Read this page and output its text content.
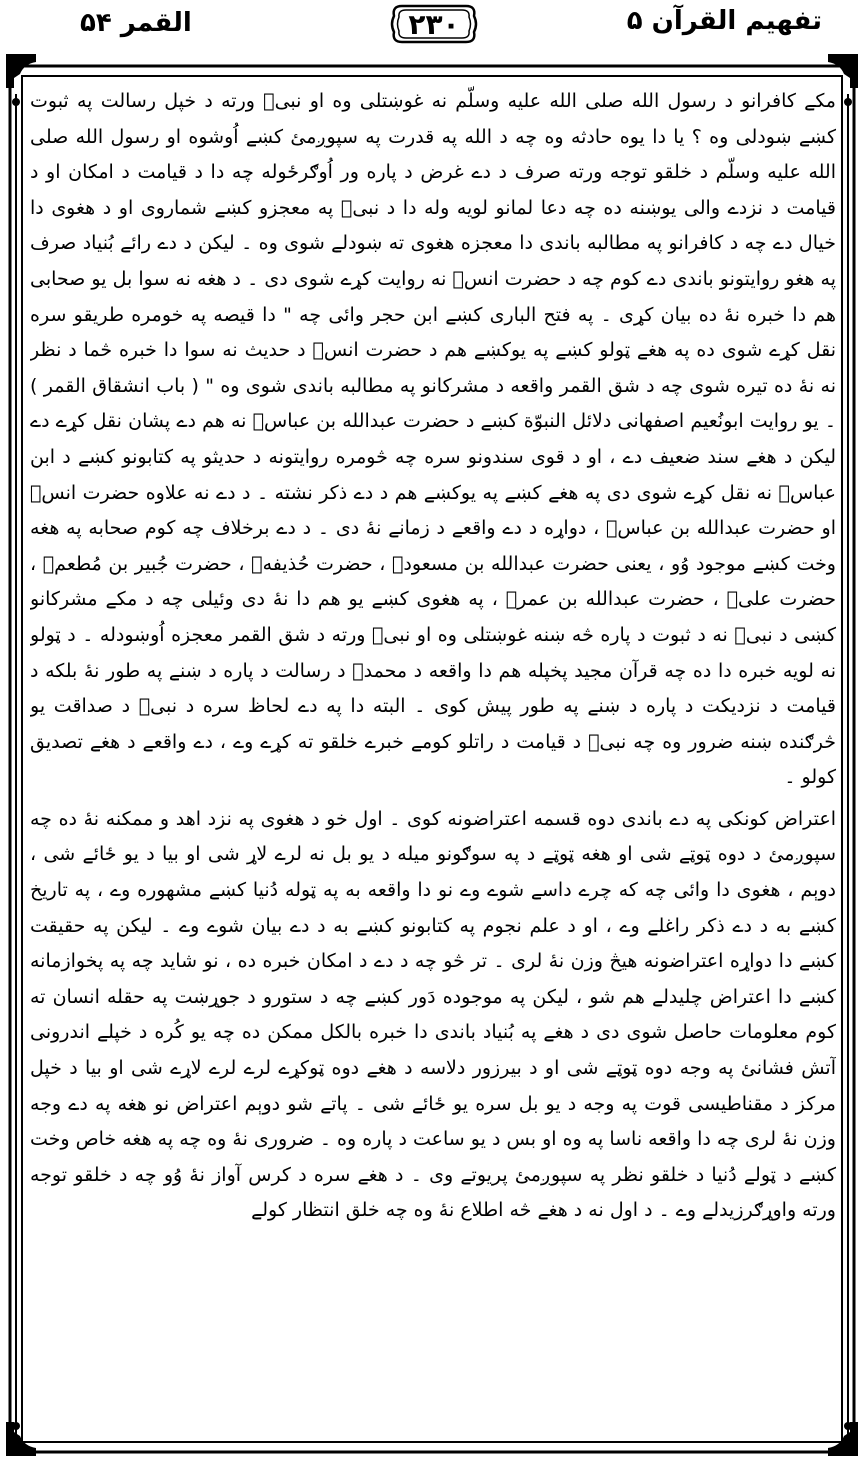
القمر ۵۴	۲۳۰	تفهیم القرآن ۵

مکے کافرانو د رسول الله صلی الله علیه وسلّم نه غوښتلی وه او نبیؐ ورته د خپل رسالت په ثبوت کښے ښودلی وه ؟ یا دا یوه حادثه وه چه د الله په قدرت په سپوږمئ کښے اُوشوه او رسول الله صلی الله علیه وسلّم د خلقو توجه ورته صرف د دے غرض د پاره ور اُوګرځوله چه دا د قیامت د امکان او د قیامت د نزدے والی یوښنه ده چه دعا لمانو لویه وله دا د نبیؐ په معجزو کښے شماروی او د هغوی دا خیال دے چه د کافرانو په مطالبه باندی دا معجزه هغوی ته ښودلے شوی وه ۔ لیکن د دے رائے بُنیاد صرف په هغو روایتونو باندی دے کوم چه د حضرت انسؓ نه روایت کړے شوی دی ۔ د هغه نه سوا بل یو صحابی هم دا خبره نهٔ ده بیان کړی ۔ په فتح الباری کښے ابن حجر وائی چه " دا قیصه په خومره طریقو سره نقل کړے شوی ده په هغے ټولو کښے په یوکښے هم د حضرت انسؓ د حدیث نه سوا دا خبره څما د نظر نه نهٔ ده تیره شوی چه د شق القمر واقعه د مشرکانو په مطالبه باندی شوی وه " ( باب انشقاق القمر ) ۔ یو روایت ابونُعیم اصفهانی دلائل النبوّة کښے د حضرت عبدالله بن عباسؓ نه هم دے پشان نقل کړے دے لیکن د هغے سند ضعیف دے ، او د قوی سندونو سره چه څومره روایتونه د حدیثو په کتابونو کښے د ابن عباسؓ نه نقل کړے شوی دی په هغے کښے په یوکښے هم د دے ذکر نشته ۔ د دے نه علاوه حضرت انسؓ او حضرت عبدالله بن عباسؓ ، دواړه د دے واقعے د زمانے نهٔ دی ۔ د دے برخلاف چه کوم صحابه په هغه وخت کښے موجود وُو ، یعنی حضرت عبدالله بن مسعودؓ ، حضرت حُذیفهؓ ، حضرت جُبیر بن مُطعمؓ ، حضرت علیؓ ، حضرت عبدالله بن عمرؓ ، په هغوی کښے یو هم دا نهٔ دی وئیلی چه د مکے مشرکانو کښی د نبیؐ نه د ثبوت د پاره څه ښنه غوښتلی وه او نبیؐ ورته د شق القمر معجزه اُوښودله ۔ د ټولو نه لویه خبره دا ده چه قرآن مجید پخپله هم دا واقعه د محمدؐ د رسالت د پاره د ښنے په طور نهٔ بلکه د قیامت د نزدیکت د پاره د ښنے په طور پیش کوی ۔ البته دا په دے لحاظ سره د نبیؐ د صداقت یو څرګنده ښنه ضرور وه چه نبیؐ د قیامت د راتلو کومے خبرے خلقو ته کړے وے ، دے واقعے د هغے تصدیق کولو ۔

اعتراض کونکی په دے باندی دوه قسمه اعتراضونه کوی ۔ اول خو د هغوی په نزد اهد و ممکنه نهٔ ده چه سپوږمئ د دوه ټوټے شی او هغه ټوټے د په سوګونو میله د یو بل نه لرے لاړ شی او بیا د یو ځائے شی ، دوېم ، هغوی دا وائی چه که چرے داسے شوے وے نو دا واقعه به په ټوله دُنیا کښے مشهوره وے ، په تاریخ کښے به د دے ذکر راغلے وے ، او د علم نجوم په کتابونو کښے به د دے بیان شوے وے ۔ لیکن په حقیقت کښے دا دواړه اعتراضونه هیڅ وزن نهٔ لری ۔ تر څو چه د دے د امکان خبره ده ، نو شاید چه په پخوازمانه کښے دا اعتراض چلیدلے هم شو ، لیکن په موجوده دَور کښے چه د ستورو د جوړښت په حقله انسان ته کوم معلومات حاصل شوی دی د هغے په بُنیاد باندی دا خبره بالکل ممکن ده چه یو کُره د خپلے اندرونی آتش فشانئ په وجه دوه ټوټے شی او د بیرزور دلاسه د هغے دوه ټوکړے لرے لرے لاړے شی او بیا د خپل مرکز د مقناطیسی قوت په وجه د یو بل سره یو ځائے شی ۔ پاتے شو دوېم اعتراض نو هغه په دے وجه وزن نهٔ لری چه دا واقعه ناسا په وه او بس د یو ساعت د پاره وه ۔ ضروری نهٔ وه چه په هغه خاص وخت کښے د ټولے دُنیا د خلقو نظر په سپوږمئ پریوتے وی ۔ د هغے سره د کرس آواز نهٔ وُو چه د خلقو توجه ورته واوړګرزیدلے وے ۔ د اول نه د هغے څه اطلاع نهٔ وه چه خلق انتظار کولے
